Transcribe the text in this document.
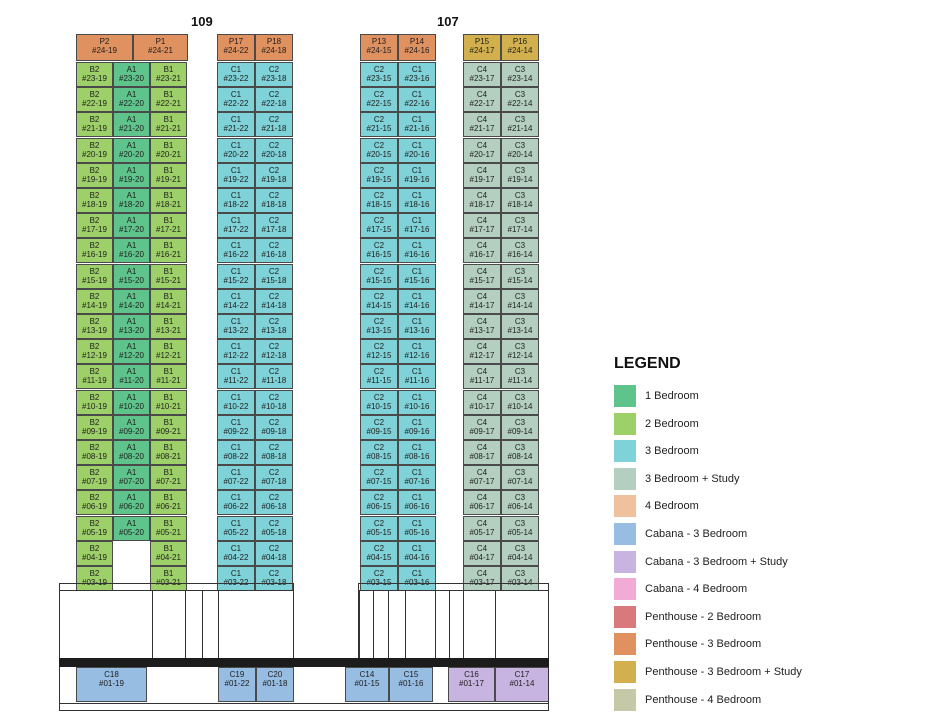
109	107
P2
#24-19
P1
#24-21
P17
#24-22
P18
#24-18
P13
#24-15
P14
#24-16
P15
#24-17
P16
#24-14
B2
#23-19
B2
#22-19
B2
#21-19
B2
#20-19
B2
#19-19
B2
#18-19
B2
#17-19
B2
#16-19
B2
#15-19
B2
#14-19
B2
#13-19
B2
#12-19
B2
#11-19
B2
#10-19
B2
#09-19
B2
#08-19
B2
#07-19
B2
#06-19
B2
#05-19
B2
#04-19
B2
#03-19
A1
#23-20
A1
#22-20
A1
#21-20
A1
#20-20
A1
#19-20
A1
#18-20
A1
#17-20
A1
#16-20
A1
#15-20
A1
#14-20
A1
#13-20
A1
#12-20
A1
#11-20
A1
#10-20
A1
#09-20
A1
#08-20
A1
#07-20
A1
#06-20
A1
#05-20
B1
#23-21
B1
#22-21
B1
#21-21
B1
#20-21
B1
#19-21
B1
#18-21
B1
#17-21
B1
#16-21
B1
#15-21
B1
#14-21
B1
#13-21
B1
#12-21
B1
#11-21
B1
#10-21
B1
#09-21
B1
#08-21
B1
#07-21
B1
#06-21
B1
#05-21
B1
#04-21
B1
#03-21
C1
#23-22
C1
#22-22
C1
#21-22
C1
#20-22
C1
#19-22
C1
#18-22
C1
#17-22
C1
#16-22
C1
#15-22
C1
#14-22
C1
#13-22
C1
#12-22
C1
#11-22
C1
#10-22
C1
#09-22
C1
#08-22
C1
#07-22
C1
#06-22
C1
#05-22
C1
#04-22
C1
#03-22
C2
#23-18
C2
#22-18
C2
#21-18
C2
#20-18
C2
#19-18
C2
#18-18
C2
#17-18
C2
#16-18
C2
#15-18
C2
#14-18
C2
#13-18
C2
#12-18
C2
#11-18
C2
#10-18
C2
#09-18
C2
#08-18
C2
#07-18
C2
#06-18
C2
#05-18
C2
#04-18
C2
#03-18
C2
#23-15
C2
#22-15
C2
#21-15
C2
#20-15
C2
#19-15
C2
#18-15
C2
#17-15
C2
#16-15
C2
#15-15
C2
#14-15
C2
#13-15
C2
#12-15
C2
#11-15
C2
#10-15
C2
#09-15
C2
#08-15
C2
#07-15
C2
#06-15
C2
#05-15
C2
#04-15
C2
#03-15
C1
#23-16
C1
#22-16
C1
#21-16
C1
#20-16
C1
#19-16
C1
#18-16
C1
#17-16
C1
#16-16
C1
#15-16
C1
#14-16
C1
#13-16
C1
#12-16
C1
#11-16
C1
#10-16
C1
#09-16
C1
#08-16
C1
#07-16
C1
#06-16
C1
#05-16
C1
#04-16
C1
#03-16
C4
#23-17
C4
#22-17
C4
#21-17
C4
#20-17
C4
#19-17
C4
#18-17
C4
#17-17
C4
#16-17
C4
#15-17
C4
#14-17
C4
#13-17
C4
#12-17
C4
#11-17
C4
#10-17
C4
#09-17
C4
#08-17
C4
#07-17
C4
#06-17
C4
#05-17
C4
#04-17
C4
#03-17
C3
#23-14
C3
#22-14
C3
#21-14
C3
#20-14
C3
#19-14
C3
#18-14
C3
#17-14
C3
#16-14
C3
#15-14
C3
#14-14
C3
#13-14
C3
#12-14
C3
#11-14
C3
#10-14
C3
#09-14
C3
#08-14
C3
#07-14
C3
#06-14
C3
#05-14
C3
#04-14
C3
#03-14
C18
#01-19
C19
#01-22
C20
#01-18
C14
#01-15
C15
#01-16
C16
#01-17
C17
#01-14
LEGEND
1 Bedroom
2 Bedroom
3 Bedroom
3 Bedroom + Study
4 Bedroom
Cabana - 3 Bedroom
Cabana - 3 Bedroom + Study
Cabana - 4 Bedroom
Penthouse - 2 Bedroom
Penthouse - 3 Bedroom
Penthouse - 3 Bedroom + Study
Penthouse - 4 Bedroom
